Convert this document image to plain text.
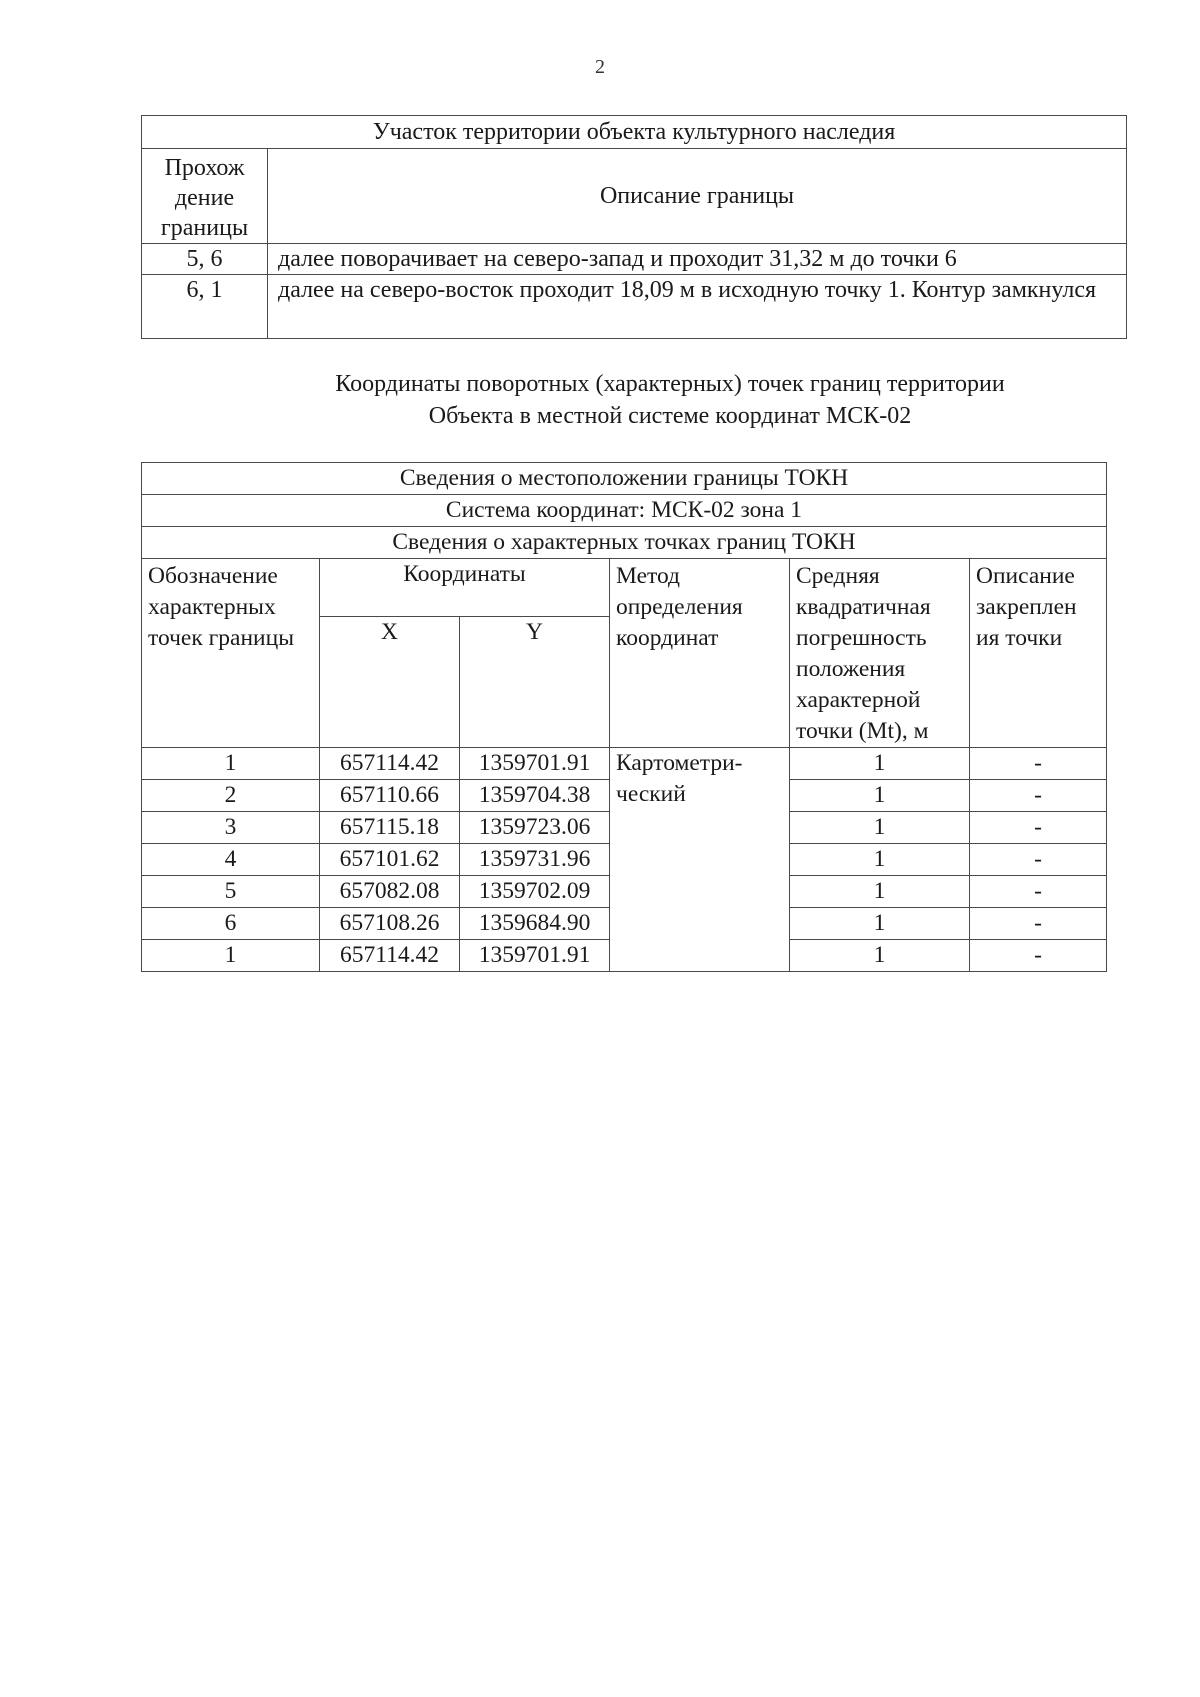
2
Участок территории объекта культурного наследия	
Прохож дение границы	Описание границы
5, 6	далее поворачивает на северо-запад и проходит 31,32 м до точки 6
6, 1	далее на северо-восток проходит 18,09 м в исходную точку 1. Контур замкнулся
Координаты поворотных (характерных) точек границ территории
Объекта в местной системе координат МСК-02
Сведения о местоположении границы ТОКН					
Система координат: МСК-02 зона 1					
Сведения о характерных точках границ ТОКН					
Обозначение характерных точек границы	Координаты		Метод определения координат	Средняя квадратичная погрешность положения характерной точки (Mt), м	Описание закреплен ия точки
	X	Y			
1	657114.42	1359701.91	Картометри- ческий	1	-
2	657110.66	1359704.38		1	-
3	657115.18	1359723.06		1	-
4	657101.62	1359731.96		1	-
5	657082.08	1359702.09		1	-
6	657108.26	1359684.90		1	-
1	657114.42	1359701.91		1	-
